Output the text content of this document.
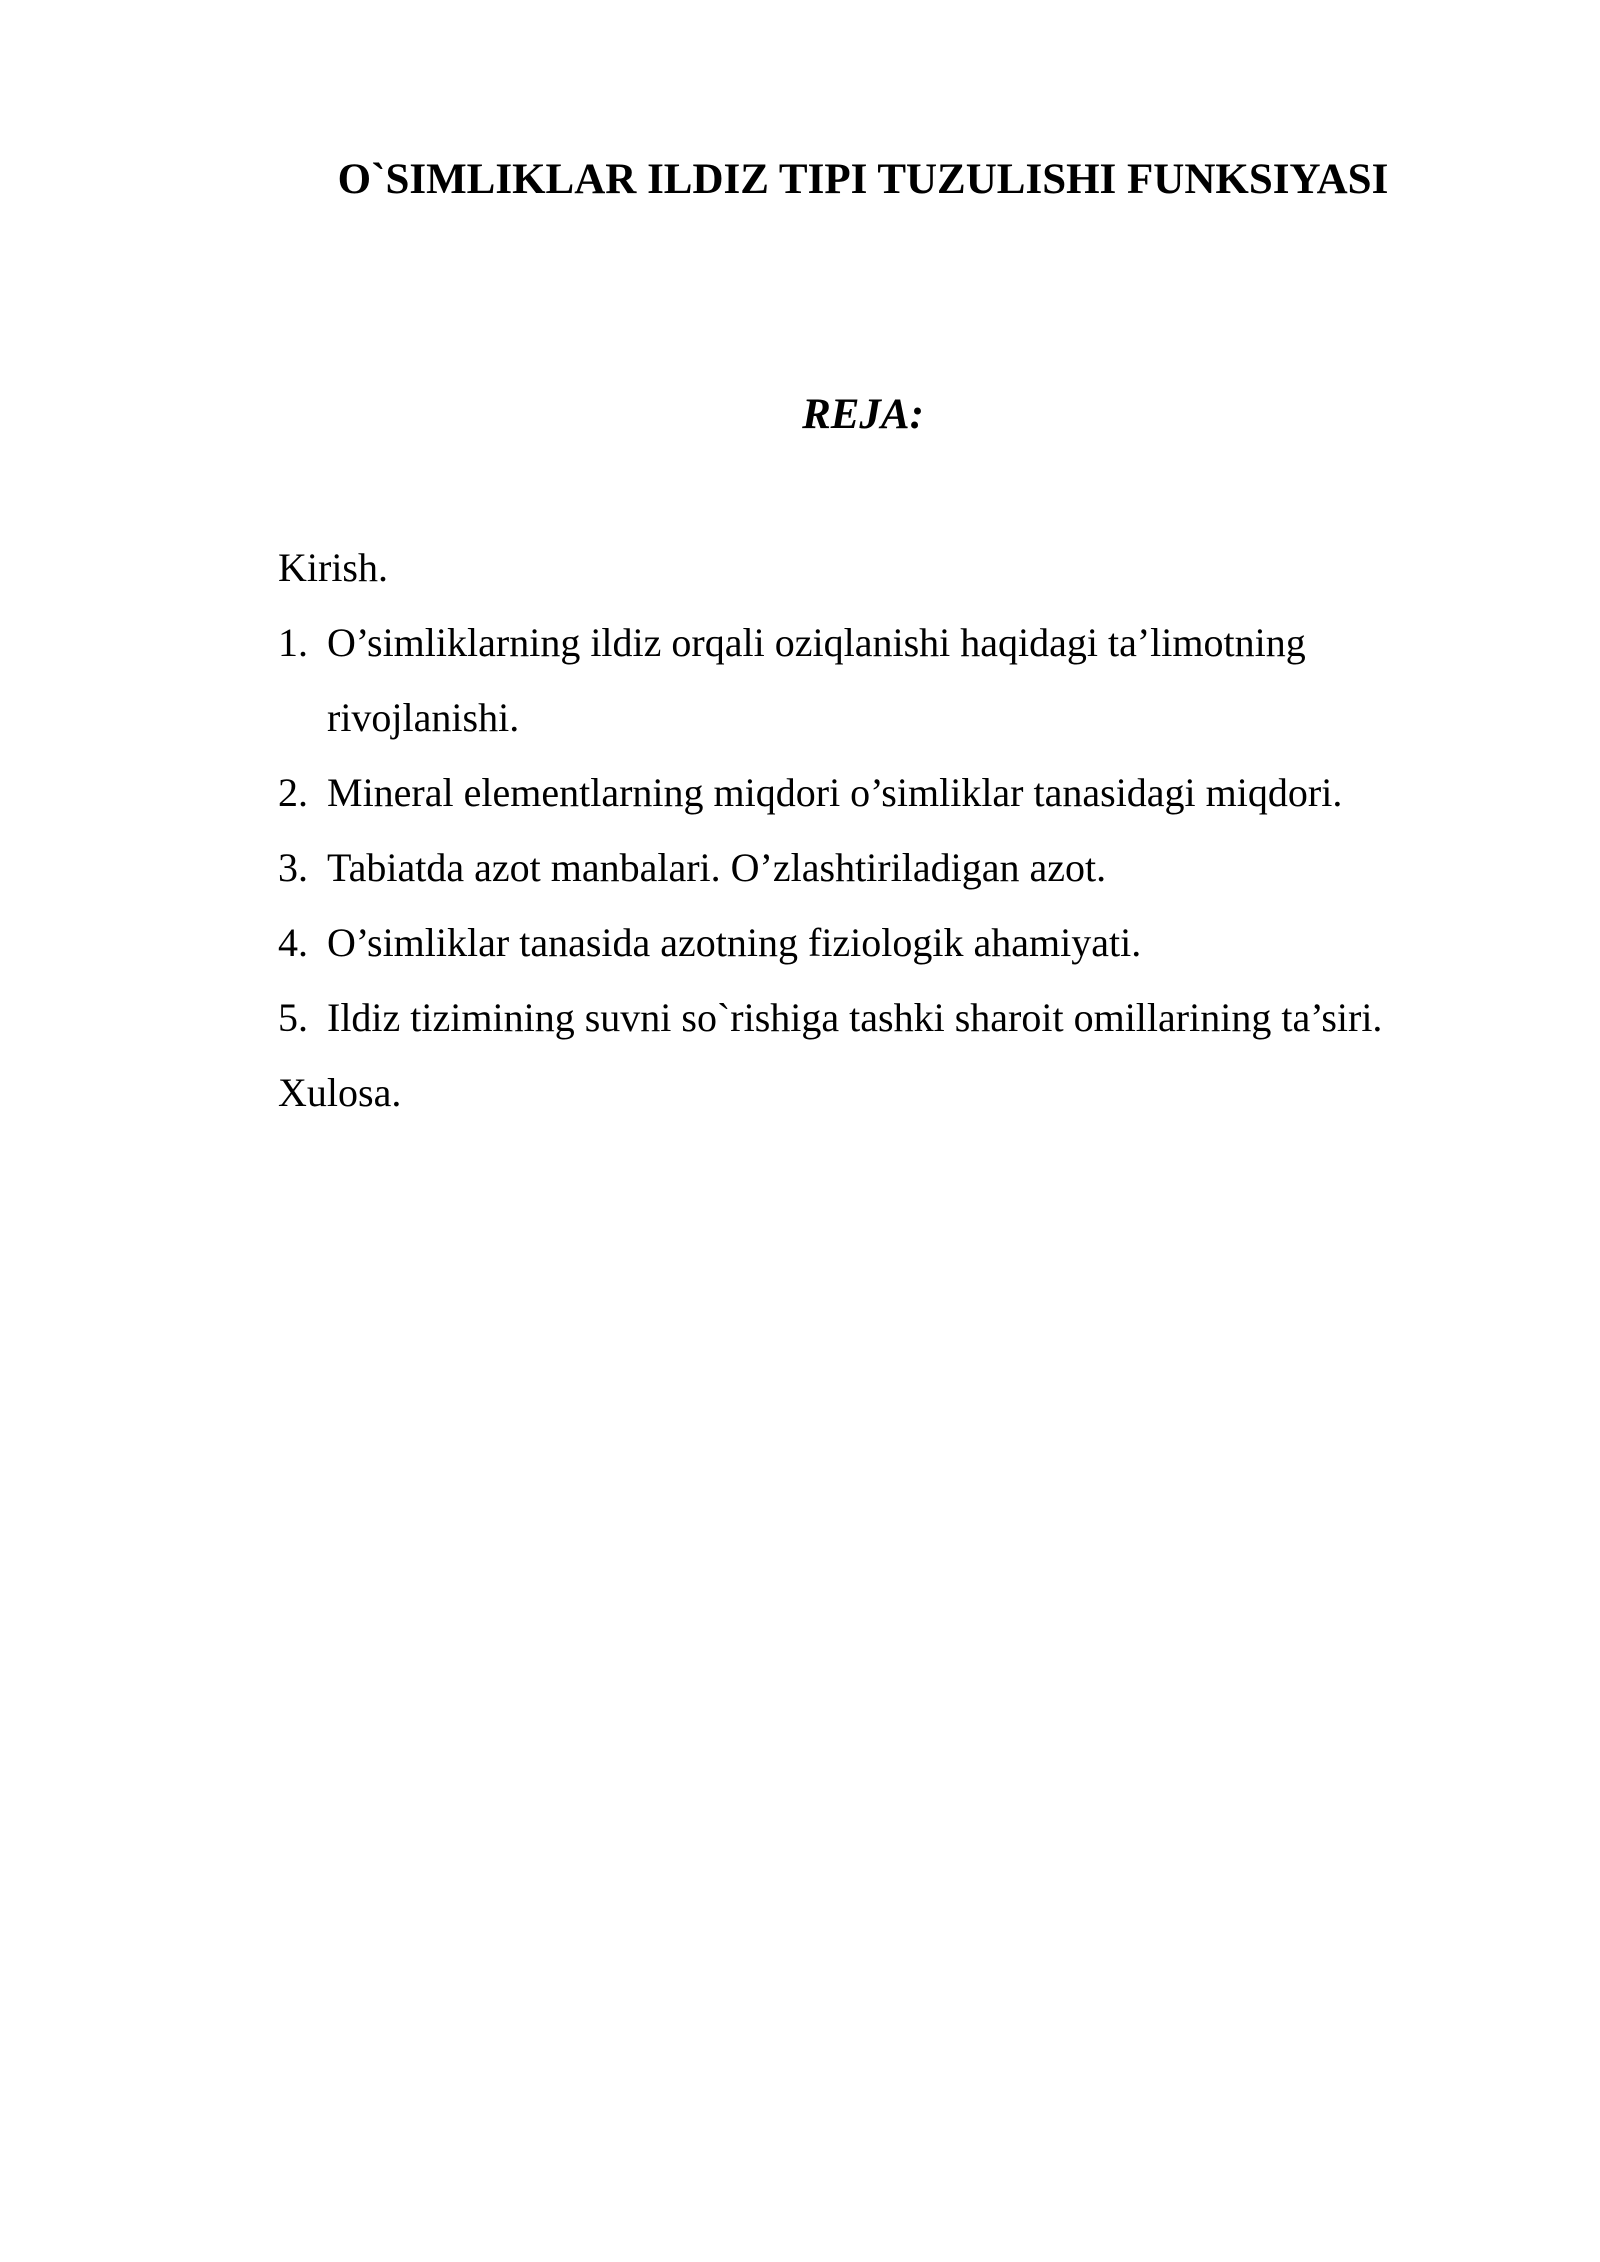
O`SIMLIKLAR ILDIZ TIPI TUZULISHI FUNKSIYASI
REJA:
Kirish.
1. O’simliklarning ildiz orqali oziqlanishi haqidagi ta’limotning
rivojlanishi.
2. Mineral elementlarning miqdori o’simliklar tanasidagi miqdori.
3. Tabiatda azot manbalari. O’zlashtiriladigan azot.
4. O’simliklar tanasida azotning fiziologik ahamiyati.
5. Ildiz tizimining suvni so`rishiga tashki sharoit omillarining ta’siri.
Xulosa.
